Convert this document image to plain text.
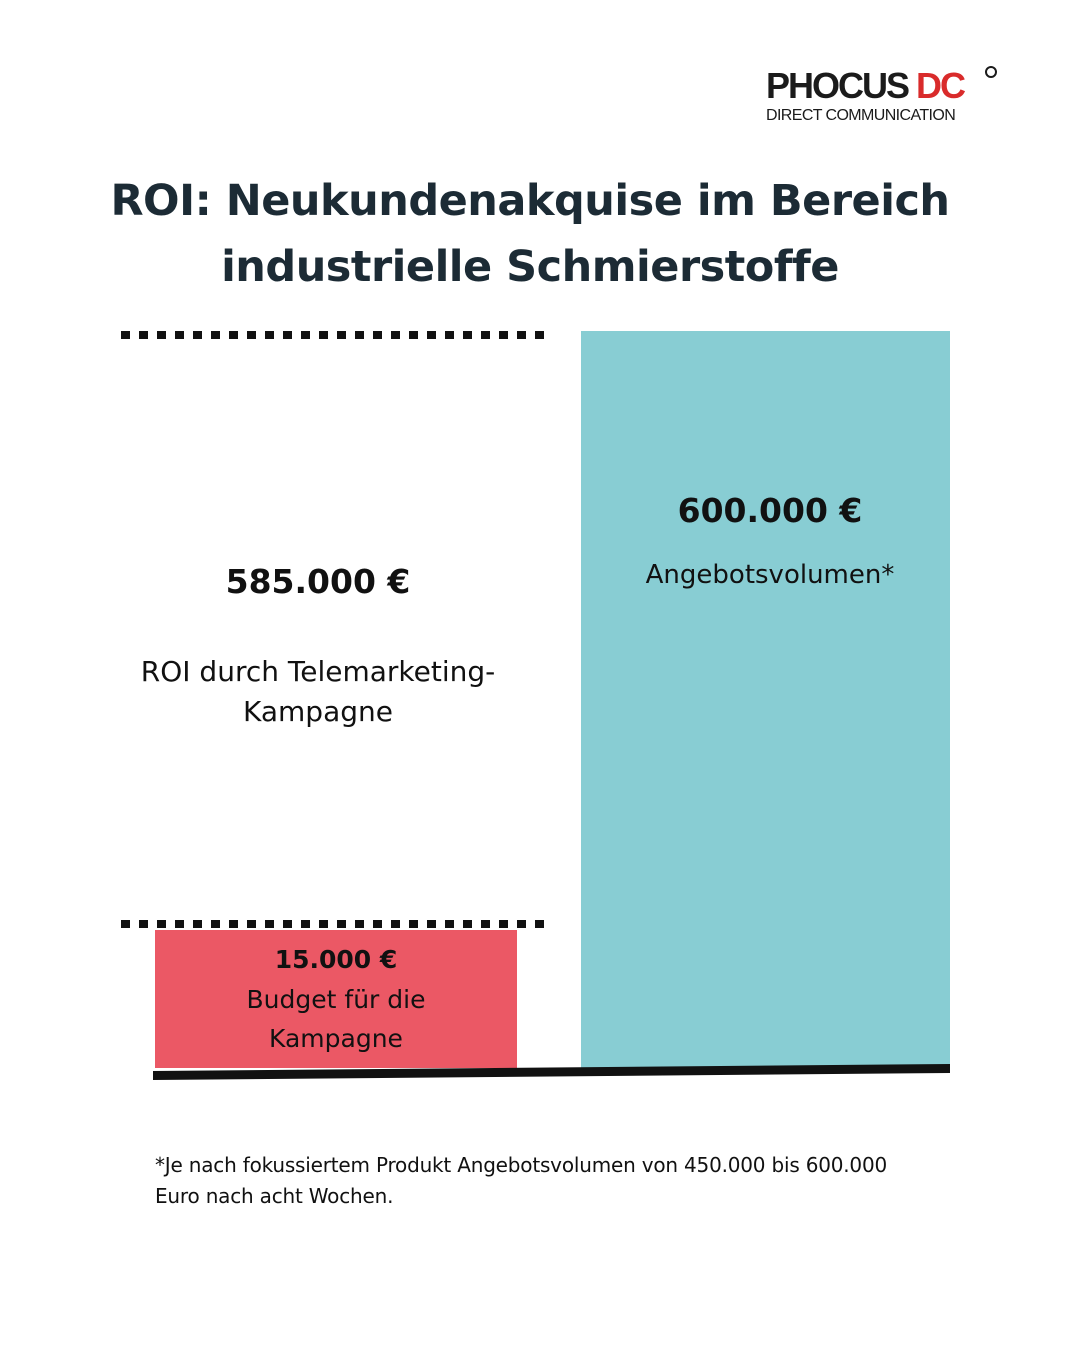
PHOCUS DC
DIRECT COMMUNICATION
ROI: Neukundenakquise im Bereich
industrielle Schmierstoffe
585.000 €
ROI durch Telemarketing-
Kampagne
15.000 €
Budget für die
Kampagne
600.000 €
Angebotsvolumen*
*Je nach fokussiertem Produkt Angebotsvolumen von 450.000 bis 600.000
Euro nach acht Wochen.
